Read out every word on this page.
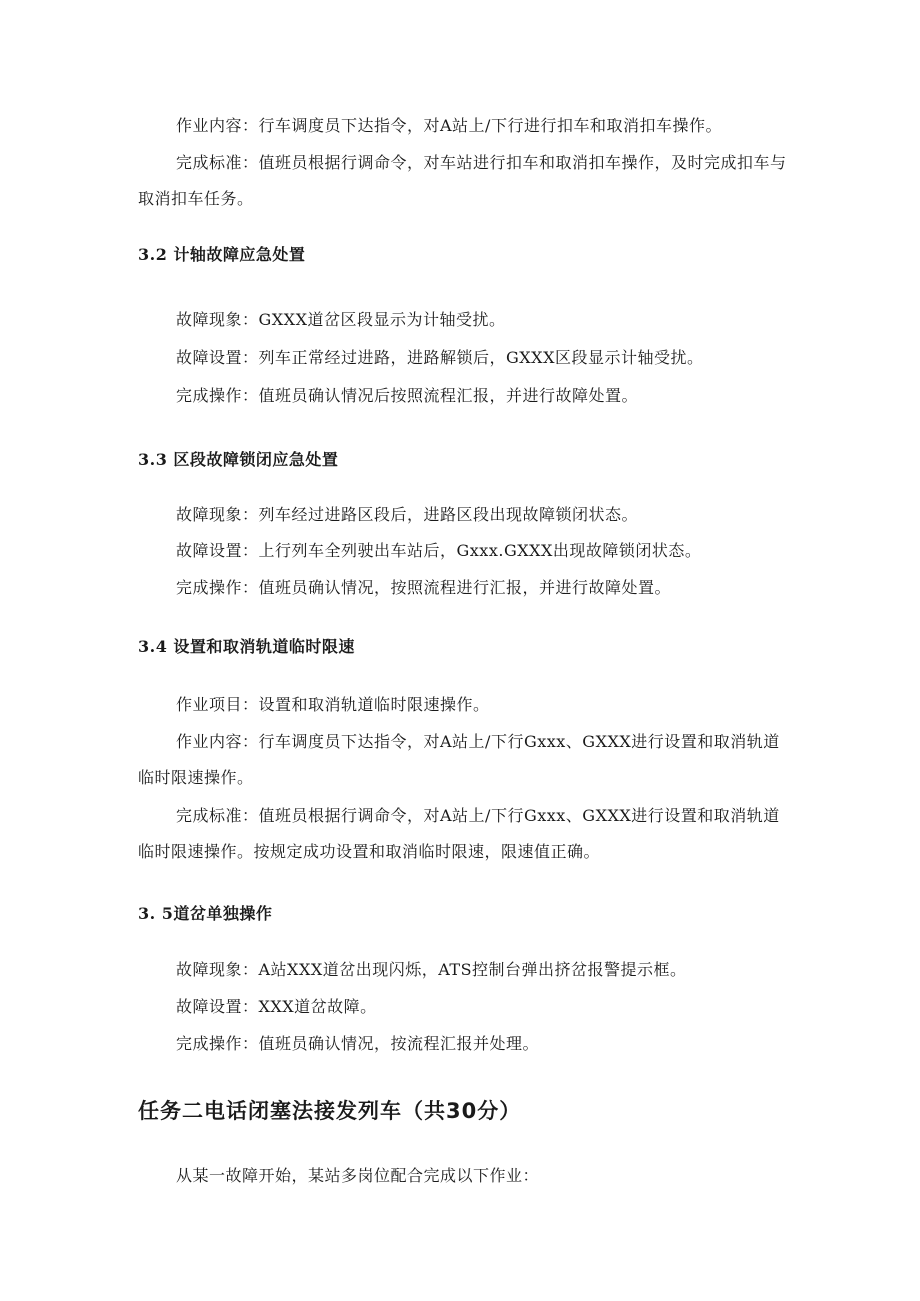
作业内容：行车调度员下达指令，对A站上/下行进行扣车和取消扣车操作。

完成标准：值班员根据行调命令，对车站进行扣车和取消扣车操作，及时完成扣车与取消扣车任务。

3.2 计轴故障应急处置

故障现象：GXXX道岔区段显示为计轴受扰。

故障设置：列车正常经过进路，进路解锁后，GXXX区段显示计轴受扰。

完成操作：值班员确认情况后按照流程汇报，并进行故障处置。

3.3 区段故障锁闭应急处置

故障现象：列车经过进路区段后，进路区段出现故障锁闭状态。

故障设置：上行列车全列驶出车站后，Gxxx.GXXX出现故障锁闭状态。

完成操作：值班员确认情况，按照流程进行汇报，并进行故障处置。

3.4 设置和取消轨道临时限速

作业项目：设置和取消轨道临时限速操作。

作业内容：行车调度员下达指令，对A站上/下行Gxxx、GXXX进行设置和取消轨道临时限速操作。

完成标准：值班员根据行调命令，对A站上/下行Gxxx、GXXX进行设置和取消轨道临时限速操作。按规定成功设置和取消临时限速，限速值正确。

3. 5道岔单独操作

故障现象：A站XXX道岔出现闪烁，ATS控制台弹出挤岔报警提示框。

故障设置：XXX道岔故障。

完成操作：值班员确认情况，按流程汇报并处理。

任务二电话闭塞法接发列车（共30分）

从某一故障开始，某站多岗位配合完成以下作业：
